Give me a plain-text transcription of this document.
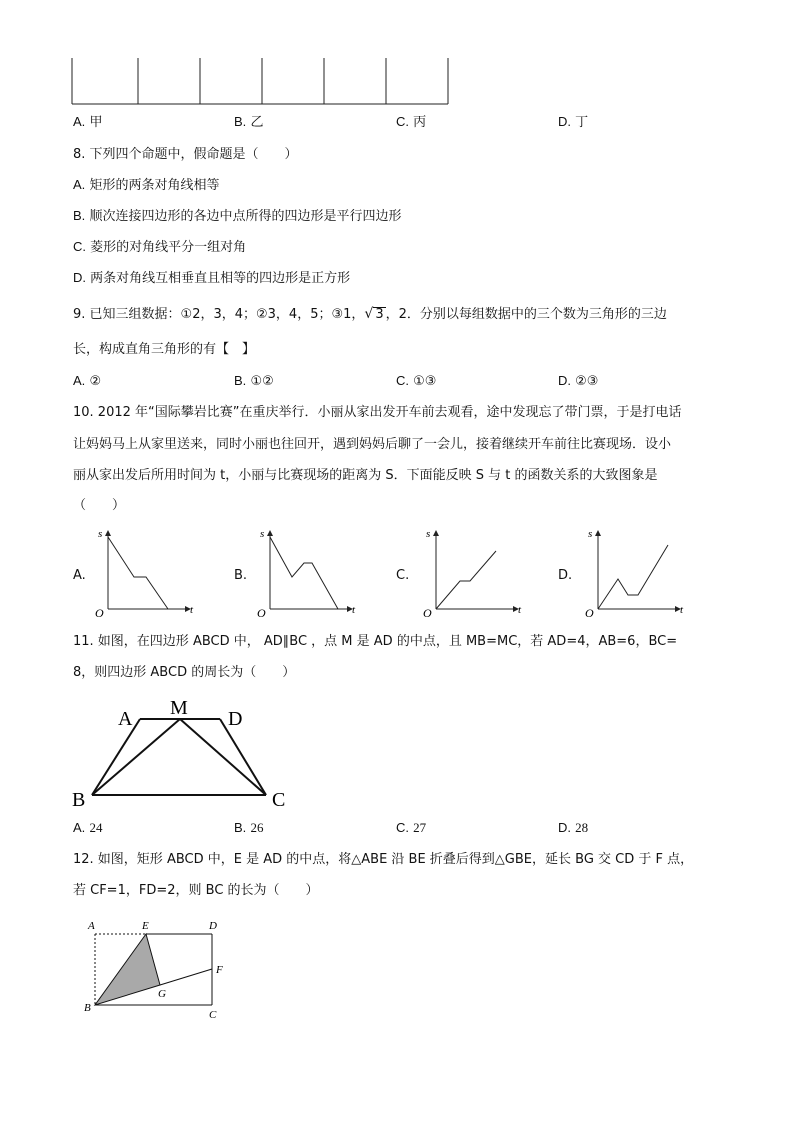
A. 甲	B. 乙	C. 丙	D. 丁
8. 下列四个命题中，假命题是（　　）
A. 矩形的两条对角线相等
B. 顺次连接四边形的各边中点所得的四边形是平行四边形
C. 菱形的对角线平分一组对角
D. 两条对角线互相垂直且相等的四边形是正方形
9. 已知三组数据：①2，3，4；②3，4，5；③1，√ 3 ，2．分别以每组数据中的三个数为三角形的三边
长，构成直角三角形的有【　】
A. ②	B. ①②	C. ①③	D. ②③
10. 2012 年“国际攀岩比赛”在重庆举行．小丽从家出发开车前去观看，途中发现忘了带门票，于是打电话
让妈妈马上从家里送来，同时小丽也往回开，遇到妈妈后聊了一会儿，接着继续开车前往比赛现场．设小
丽从家出发后所用时间为 t，小丽与比赛现场的距离为 S．下面能反映 S 与 t 的函数关系的大致图象是
（　　）
A.
s
t
O
B.
s
t
O
C.
s
t
O
D.
s
t
O
11. 如图，在四边形 ABCD 中， AD∥BC ，点 M 是 AD 的中点，且 MB=MC，若 AD=4，AB=6，BC=
8，则四边形 ABCD 的周长为（　　）
A M D
B	C
A. 24	B. 26	C. 27	D. 28
12. 如图，矩形 ABCD 中，E 是 AD 的中点，将△ABE 沿 BE 折叠后得到△GBE，延长 BG 交 CD 于 F 点，
若 CF=1，FD=2，则 BC 的长为（　　）
A	E	D
F
G
B
C
